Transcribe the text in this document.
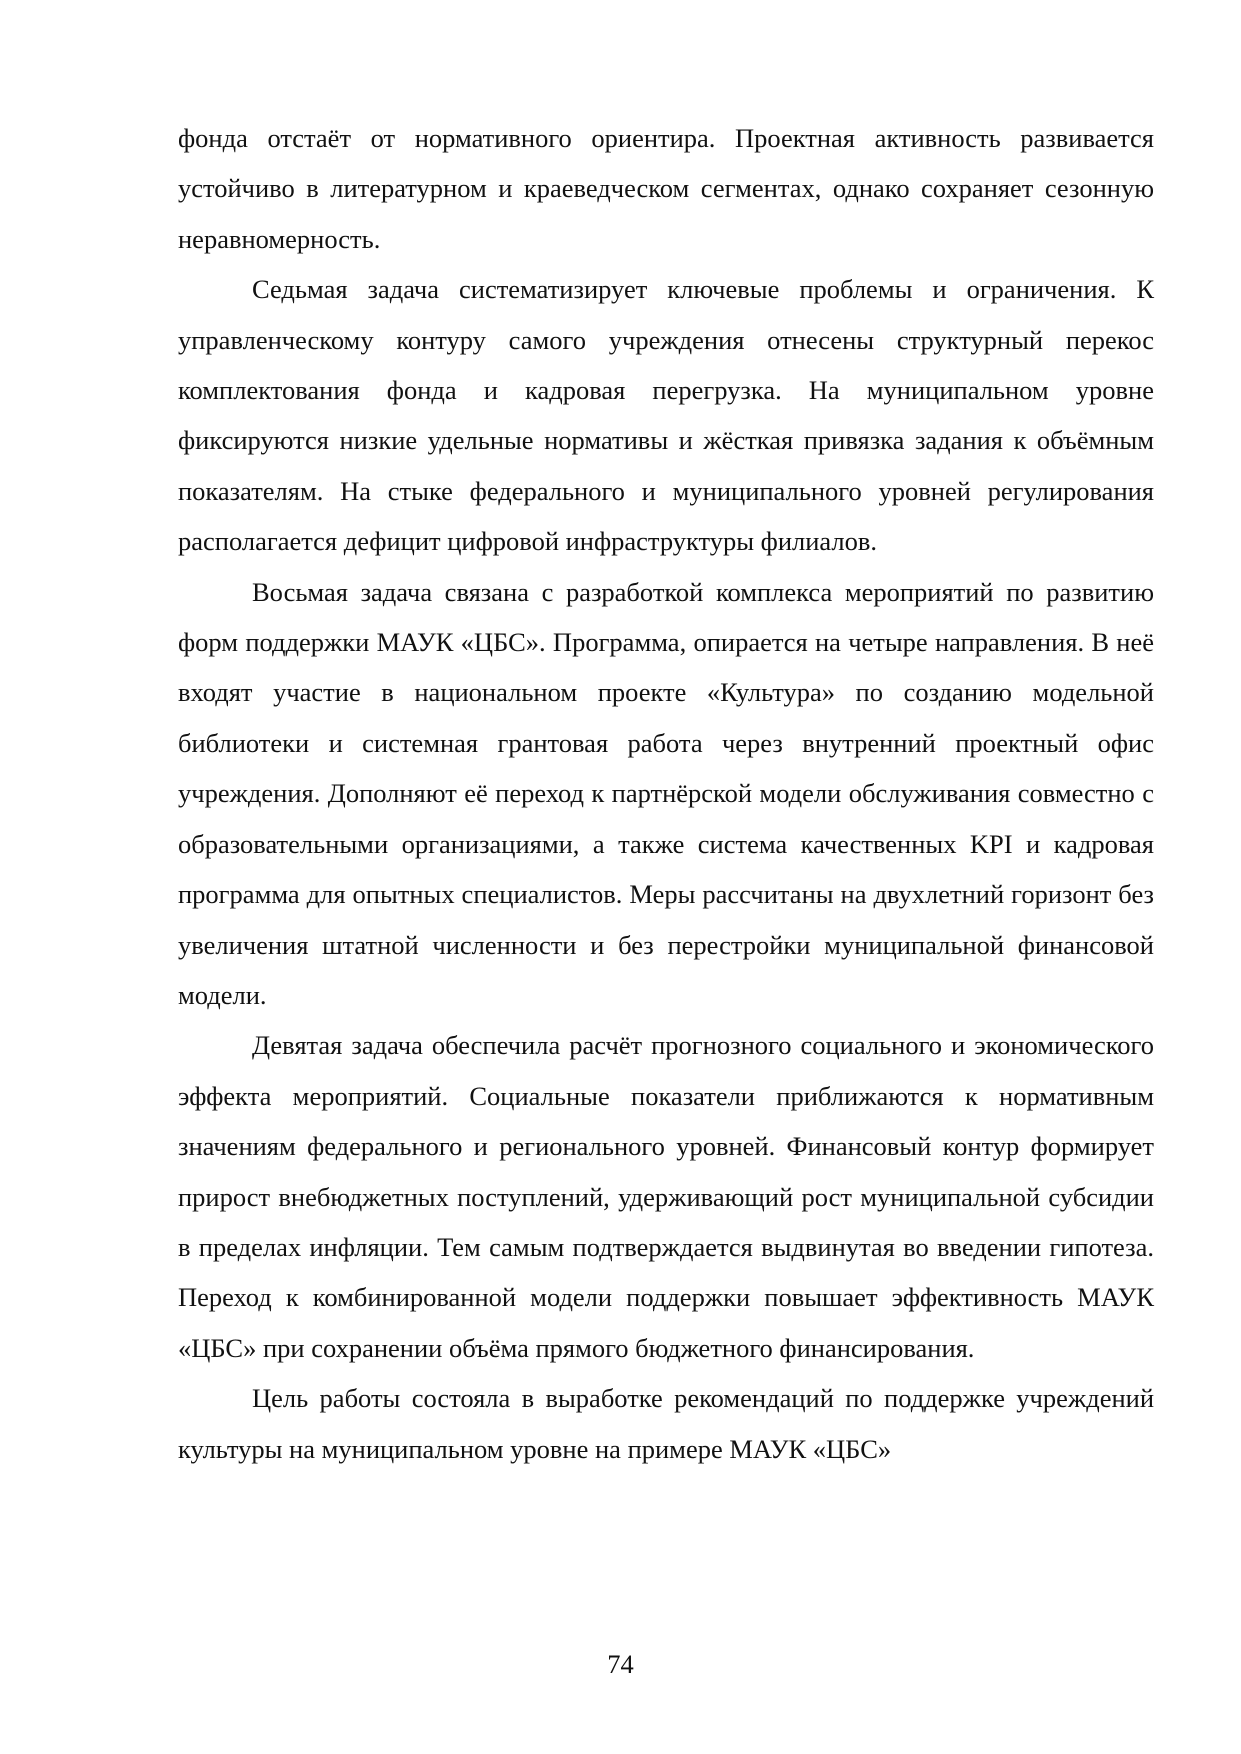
фонда отстаёт от нормативного ориентира. Проектная активность развивается устойчиво в литературном и краеведческом сегментах, однако сохраняет сезонную неравномерность.

Седьмая задача систематизирует ключевые проблемы и ограничения. К управленческому контуру самого учреждения отнесены структурный перекос комплектования фонда и кадровая перегрузка. На муниципальном уровне фиксируются низкие удельные нормативы и жёсткая привязка задания к объёмным показателям. На стыке федерального и муниципального уровней регулирования располагается дефицит цифровой инфраструктуры филиалов.

Восьмая задача связана с разработкой комплекса мероприятий по развитию форм поддержки МАУК «ЦБС». Программа, опирается на четыре направления. В неё входят участие в национальном проекте «Культура» по созданию модельной библиотеки и системная грантовая работа через внутренний проектный офис учреждения. Дополняют её переход к партнёрской модели обслуживания совместно с образовательными организациями, а также система качественных KPI и кадровая программа для опытных специалистов. Меры рассчитаны на двухлетний горизонт без увеличения штатной численности и без перестройки муниципальной финансовой модели.

Девятая задача обеспечила расчёт прогнозного социального и экономического эффекта мероприятий. Социальные показатели приближаются к нормативным значениям федерального и регионального уровней. Финансовый контур формирует прирост внебюджетных поступлений, удерживающий рост муниципальной субсидии в пределах инфляции. Тем самым подтверждается выдвинутая во введении гипотеза. Переход к комбинированной модели поддержки повышает эффективность МАУК «ЦБС» при сохранении объёма прямого бюджетного финансирования.

Цель работы состояла в выработке рекомендаций по поддержке учреждений культуры на муниципальном уровне на примере МАУК «ЦБС»

74
